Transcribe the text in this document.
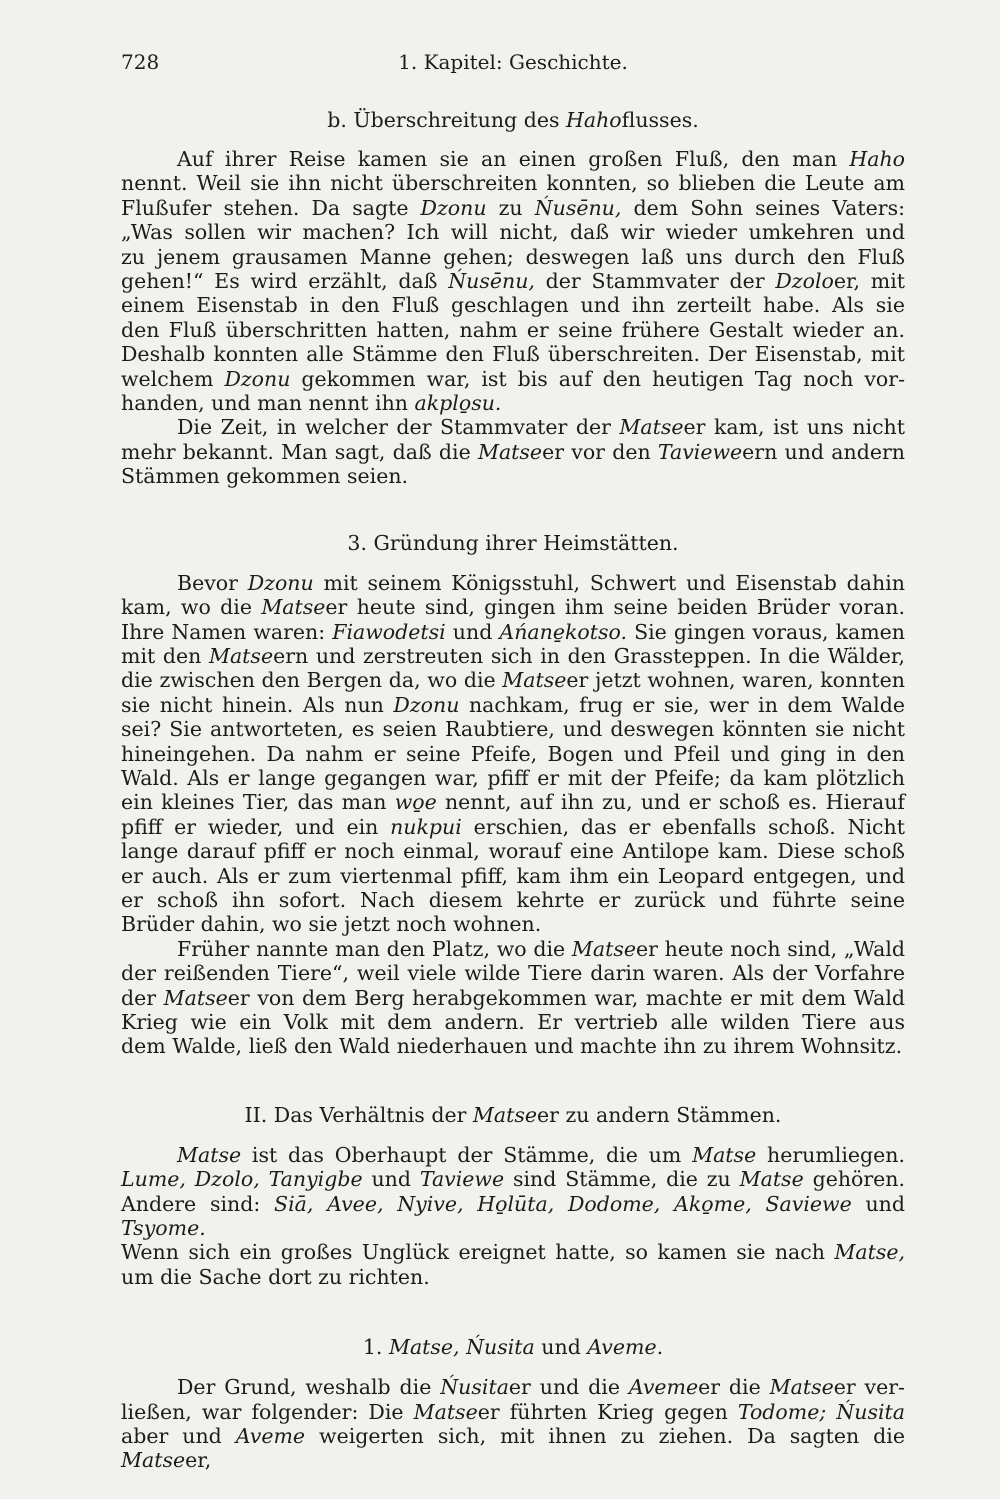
728	1. Kapitel: Geschichte.
b. Überschreitung des Hahoflusses.
Auf ihrer Reise kamen sie an einen großen Fluß, den man Haho
nennt. Weil sie ihn nicht überschreiten konnten, so blieben die Leute am
Flußufer stehen. Da sagte Dzonu zu Ńusēnu, dem Sohn seines Vaters:
„Was sollen wir machen? Ich will nicht, daß wir wieder umkehren und
zu jenem grausamen Manne gehen; deswegen laß uns durch den Fluß
gehen!“ Es wird erzählt, daß Ńusēnu, der Stammvater der Dzoloer, mit
einem Eisenstab in den Fluß geschlagen und ihn zerteilt habe. Als sie
den Fluß überschritten hatten, nahm er seine frühere Gestalt wieder an.
Deshalb konnten alle Stämme den Fluß überschreiten. Der Eisenstab, mit
welchem Dzonu gekommen war, ist bis auf den heutigen Tag noch vor-
handen, und man nennt ihn akplo̱su.
Die Zeit, in welcher der Stammvater der Matseer kam, ist uns nicht
mehr bekannt. Man sagt, daß die Matseer vor den Tavieweern und andern
Stämmen gekommen seien.
3. Gründung ihrer Heimstätten.
Bevor Dzonu mit seinem Königsstuhl, Schwert und Eisenstab dahin
kam, wo die Matseer heute sind, gingen ihm seine beiden Brüder voran.
Ihre Namen waren: Fiawodetsi und Ańane̱kotso. Sie gingen voraus, kamen
mit den Matseern und zerstreuten sich in den Grassteppen. In die Wälder,
die zwischen den Bergen da, wo die Matseer jetzt wohnen, waren, konnten
sie nicht hinein. Als nun Dzonu nachkam, frug er sie, wer in dem Walde
sei? Sie antworteten, es seien Raubtiere, und deswegen könnten sie nicht
hineingehen. Da nahm er seine Pfeife, Bogen und Pfeil und ging in den
Wald. Als er lange gegangen war, pfiff er mit der Pfeife; da kam plötzlich
ein kleines Tier, das man wo̱e nennt, auf ihn zu, und er schoß es. Hierauf
pfiff er wieder, und ein nukpui erschien, das er ebenfalls schoß. Nicht
lange darauf pfiff er noch einmal, worauf eine Antilope kam. Diese schoß
er auch. Als er zum viertenmal pfiff, kam ihm ein Leopard entgegen, und
er schoß ihn sofort. Nach diesem kehrte er zurück und führte seine
Brüder dahin, wo sie jetzt noch wohnen.
Früher nannte man den Platz, wo die Matseer heute noch sind, „Wald
der reißenden Tiere“, weil viele wilde Tiere darin waren. Als der Vorfahre
der Matseer von dem Berg herabgekommen war, machte er mit dem Wald
Krieg wie ein Volk mit dem andern. Er vertrieb alle wilden Tiere aus
dem Walde, ließ den Wald niederhauen und machte ihn zu ihrem Wohnsitz.
II. Das Verhältnis der Matseer zu andern Stämmen.
Matse ist das Oberhaupt der Stämme, die um Matse herumliegen.
Lume, Dzolo, Tanyigbe und Taviewe sind Stämme, die zu Matse gehören.
Andere sind: Siā, Avee, Nyive, Ho̱lūta, Dodome, Ako̱me, Saviewe und Tsyome.
Wenn sich ein großes Unglück ereignet hatte, so kamen sie nach Matse,
um die Sache dort zu richten.
1. Matse, Ńusita und Aveme.
Der Grund, weshalb die Ńusitaer und die Avemeer die Matseer ver-
ließen, war folgender: Die Matseer führten Krieg gegen Todome; Ńusita
aber und Aveme weigerten sich, mit ihnen zu ziehen. Da sagten die Matseer,
